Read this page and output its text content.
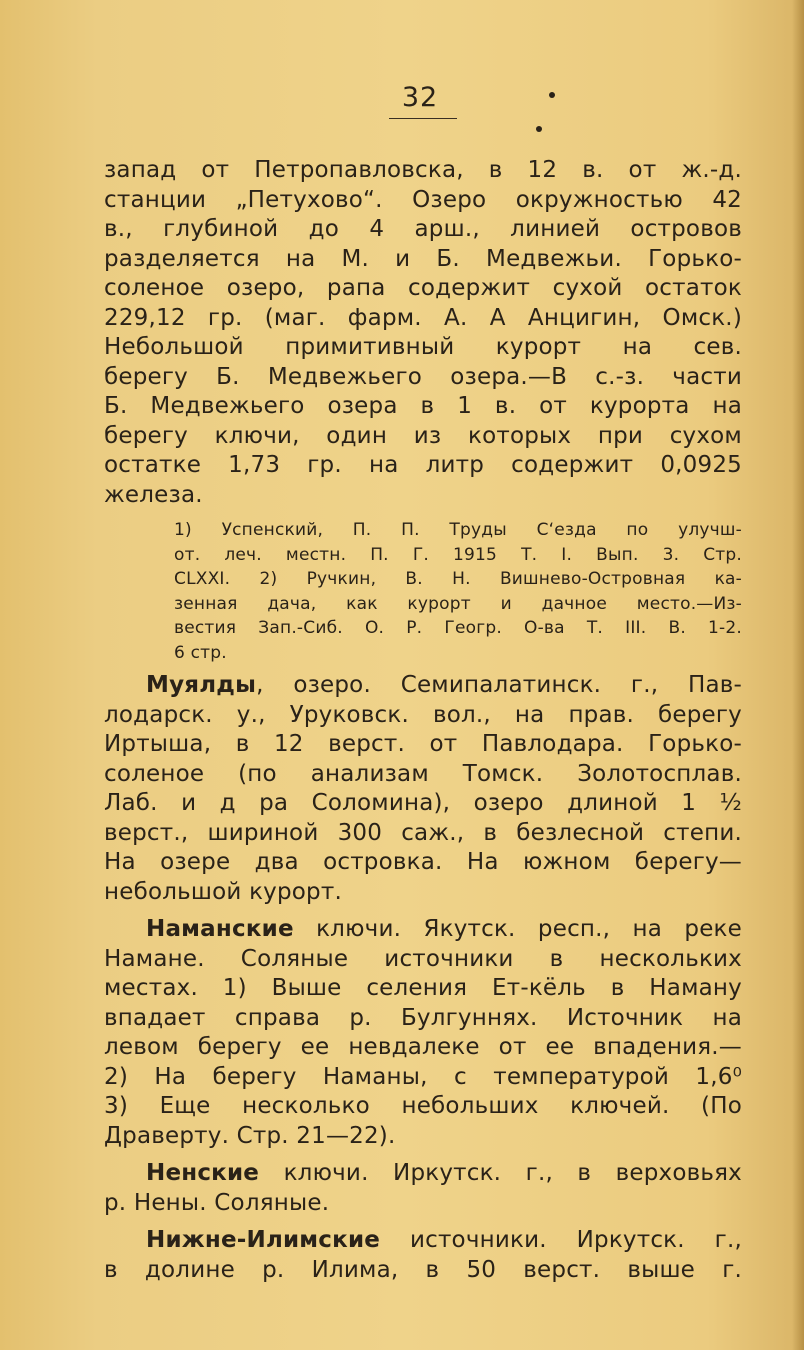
32
запад от Петропавловска, в 12 в. от ж.-д.
станции „Петухово“. Озеро окружностью 42
в., глубиной до 4 арш., линией островов
разделяется на М. и Б. Медвежьи. Горько-
соленое озеро, рапа содержит сухой остаток
229,12 гр. (маг. фарм. А. А Анцигин, Омск.)
Небольшой примитивный курорт на сев.
берегу Б. Медвежьего озера.—В с.-з. части
Б. Медвежьего озера в 1 в. от курорта на
берегу ключи, один из которых при сухом
остатке 1,73 гр. на литр содержит 0,0925
железа.
1) Успенский, П. П. Труды С‘езда по улучш-
от. леч. местн. П. Г. 1915 Т. I. Вып. 3. Стр.
CLXXI. 2) Ручкин, В. Н. Вишнево-Островная ка-
зенная дача, как курорт и дачное место.—Из-
вестия Зап.-Сиб. О. Р. Геогр. О-ва Т. III. В. 1-2.
6 стр.
Муялды, озеро. Семипалатинск. г., Пав-
лодарск. у., Уруковск. вол., на прав. берегу
Иртыша, в 12 верст. от Павлодара. Горько-
соленое (по анализам Томск. Золотосплав.
Лаб. и д ра Соломина), озеро длиной 1 ½
верст., шириной 300 саж., в безлесной степи.
На озере два островка. На южном берегу—
небольшой курорт.
Наманские ключи. Якутск. респ., на реке
Намане. Соляные источники в нескольких
местах. 1) Выше селения Ет-кёль в Наману
впадает справа р. Булгуннях. Источник на
левом берегу ее невдалеке от ее впадения.—
2) На берегу Наманы, с температурой 1,6⁰
3) Еще несколько небольших ключей. (По
Драверту. Стр. 21—22).
Ненские ключи. Иркутск. г., в верховьях
р. Нены. Соляные.
Нижне-Илимские источники. Иркутск. г.,
в долине р. Илима, в 50 верст. выше г.
